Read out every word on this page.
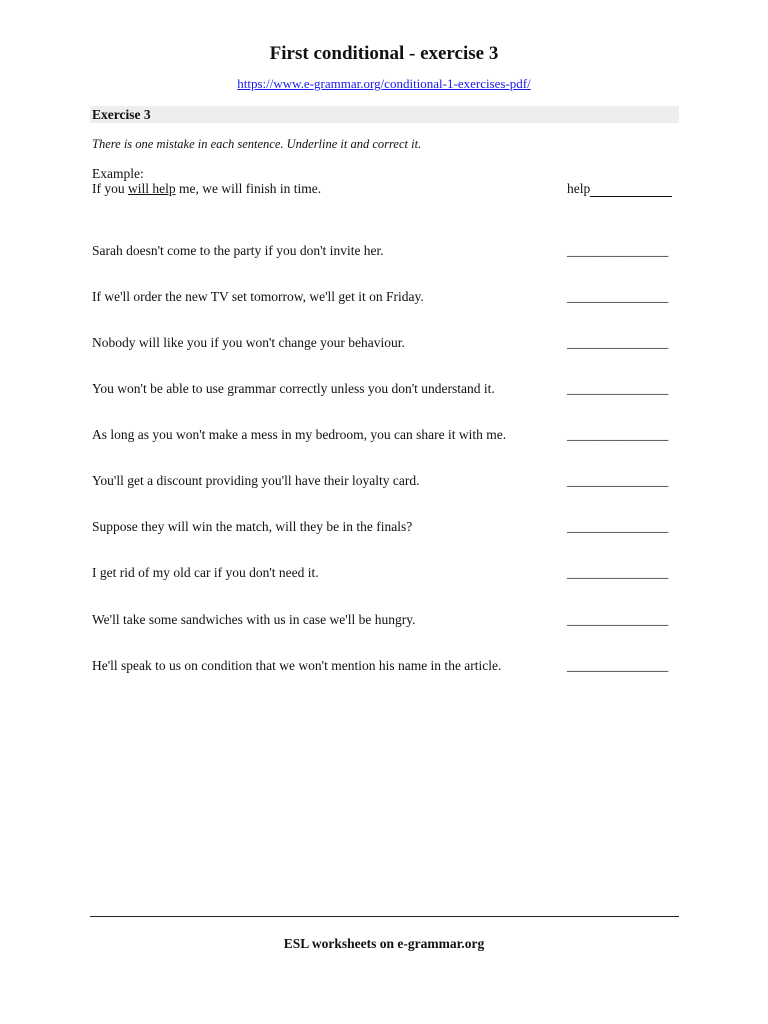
First conditional - exercise 3
https://www.e-grammar.org/conditional-1-exercises-pdf/
Exercise 3
There is one mistake in each sentence. Underline it and correct it.
Example:
If you will help me, we will finish in time.	help
Sarah doesn't come to the party if you don't invite her.	_______________
If we'll order the new TV set tomorrow, we'll get it on Friday.	_______________
Nobody will like you if you won't change your behaviour.	_______________
You won't be able to use grammar correctly unless you don't understand it.	_______________
As long as you won't make a mess in my bedroom, you can share it with me.	_______________
You'll get a discount providing you'll have their loyalty card.	_______________
Suppose they will win the match, will they be in the finals?	_______________
I get rid of my old car if you don't need it.	_______________
We'll take some sandwiches with us in case we'll be hungry.	_______________
He'll speak to us on condition that we won't mention his name in the article.	_______________
ESL worksheets on e-grammar.org
